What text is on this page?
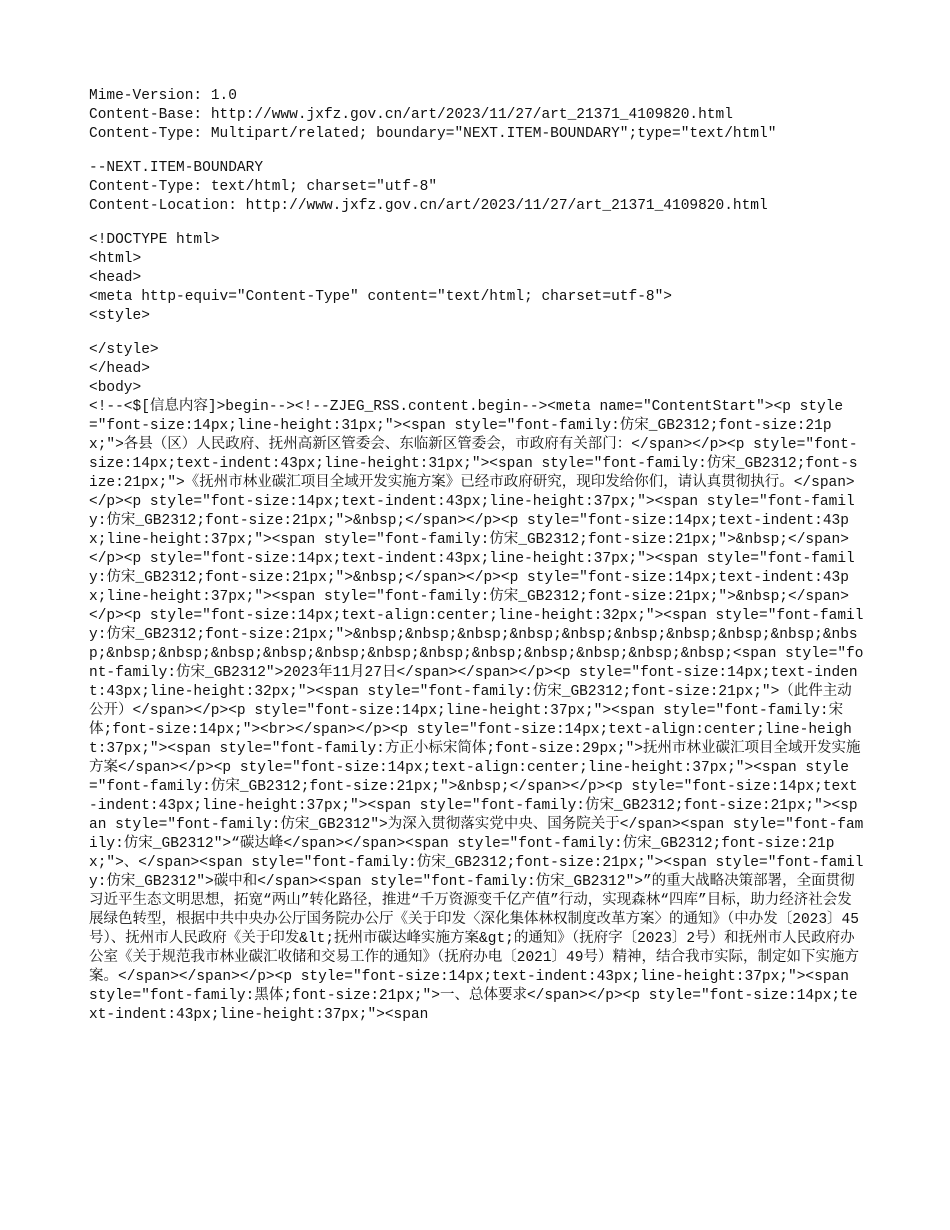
Mime-Version: 1.0
Content-Base: http://www.jxfz.gov.cn/art/2023/11/27/art_21371_4109820.html
Content-Type: Multipart/related; boundary="NEXT.ITEM-BOUNDARY";type="text/html"
--NEXT.ITEM-BOUNDARY
Content-Type: text/html; charset="utf-8"
Content-Location: http://www.jxfz.gov.cn/art/2023/11/27/art_21371_4109820.html
<!DOCTYPE html>
<html>
<head>
<meta http-equiv="Content-Type" content="text/html; charset=utf-8">
<style>
</style>
</head>
<body>
<!--<$[信息内容]>begin--><!--ZJEG_RSS.content.begin--><meta name="ContentStart"><p style="font-size:14px;line-height:31px;"><span style="font-family:仿宋_GB2312;font-size:21px;">各县（区）人民政府、抚州高新区管委会、东临新区管委会，市政府有关部门：</span></p><p style="font-size:14px;text-indent:43px;line-height:31px;"><span style="font-family:仿宋_GB2312;font-size:21px;">《抚州市林业碳汇项目全域开发实施方案》已经市政府研究，现印发给你们，请认真贯彻执行。</span></p><p style="font-size:14px;text-indent:43px;line-height:37px;"><span style="font-family:仿宋_GB2312;font-size:21px;">&nbsp;</span></p><p style="font-size:14px;text-indent:43px;line-height:37px;"><span style="font-family:仿宋_GB2312;font-size:21px;">&nbsp;</span></p><p style="font-size:14px;text-indent:43px;line-height:37px;"><span style="font-family:仿宋_GB2312;font-size:21px;">&nbsp;</span></p><p style="font-size:14px;text-indent:43px;line-height:37px;"><span style="font-family:仿宋_GB2312;font-size:21px;">&nbsp;</span></p><p style="font-size:14px;text-align:center;line-height:32px;"><span style="font-family:仿宋_GB2312;font-size:21px;">&nbsp;&nbsp;&nbsp;&nbsp;&nbsp;&nbsp;&nbsp;&nbsp;&nbsp;&nbsp;&nbsp;&nbsp;&nbsp;&nbsp;&nbsp;&nbsp;&nbsp;&nbsp;&nbsp;&nbsp;&nbsp;&nbsp;<span style="font-family:仿宋_GB2312">2023年11月27日</span></span></p><p style="font-size:14px;text-indent:43px;line-height:32px;"><span style="font-family:仿宋_GB2312;font-size:21px;">（此件主动公开）</span></p><p style="font-size:14px;line-height:37px;"><span style="font-family:宋体;font-size:14px;"><br></span></p><p style="font-size:14px;text-align:center;line-height:37px;"><span style="font-family:方正小标宋简体;font-size:29px;">抚州市林业碳汇项目全域开发实施方案</span></p><p style="font-size:14px;text-align:center;line-height:37px;"><span style="font-family:仿宋_GB2312;font-size:21px;">&nbsp;</span></p><p style="font-size:14px;text-indent:43px;line-height:37px;"><span style="font-family:仿宋_GB2312;font-size:21px;"><span style="font-family:仿宋_GB2312">为深入贯彻落实党中央、国务院关于</span><span style="font-family:仿宋_GB2312">“碳达峰</span></span><span style="font-family:仿宋_GB2312;font-size:21px;">、</span><span style="font-family:仿宋_GB2312;font-size:21px;"><span style="font-family:仿宋_GB2312">碳中和</span><span style="font-family:仿宋_GB2312">”的重大战略决策部署，全面贯彻习近平生态文明思想，拓宽“两山”转化路径，推进“千万资源变千亿产值”行动，实现森林“四库”目标，助力经济社会发展绿色转型，根据中共中央办公厅国务院办公厅《关于印发〈深化集体林权制度改革方案〉的通知》（中办发〔2023〕45号）、抚州市人民政府《关于印发&lt;抚州市碳达峰实施方案&gt;的通知》（抚府字〔2023〕2号）和抚州市人民政府办公室《关于规范我市林业碳汇收储和交易工作的通知》（抚府办电〔2021〕49号）精神，结合我市实际，制定如下实施方案。</span></span></p><p style="font-size:14px;text-indent:43px;line-height:37px;"><span style="font-family:黑体;font-size:21px;">一、总体要求</span></p><p style="font-size:14px;text-indent:43px;line-height:37px;"><span
